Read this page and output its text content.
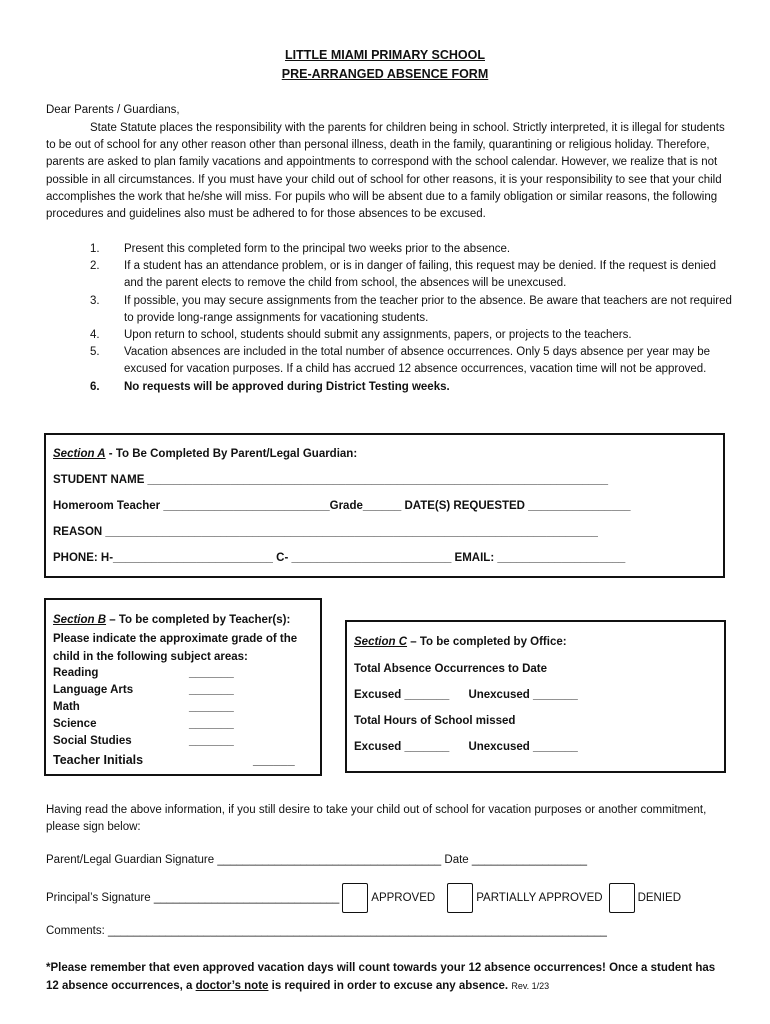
LITTLE MIAMI PRIMARY SCHOOL
PRE-ARRANGED ABSENCE FORM
Dear Parents / Guardians,
State Statute places the responsibility with the parents for children being in school. Strictly interpreted, it is illegal for students to be out of school for any other reason other than personal illness, death in the family, quarantining or religious holiday. Therefore, parents are asked to plan family vacations and appointments to correspond with the school calendar. However, we realize that is not possible in all circumstances. If you must have your child out of school for other reasons, it is your responsibility to see that your child accomplishes the work that he/she will miss. For pupils who will be absent due to a family obligation or similar reasons, the following procedures and guidelines also must be adhered to for those absences to be excused.
1. Present this completed form to the principal two weeks prior to the absence.
2. If a student has an attendance problem, or is in danger of failing, this request may be denied. If the request is denied and the parent elects to remove the child from school, the absences will be unexcused.
3. If possible, you may secure assignments from the teacher prior to the absence. Be aware that teachers are not required to provide long-range assignments for vacationing students.
4. Upon return to school, students should submit any assignments, papers, or projects to the teachers.
5. Vacation absences are included in the total number of absence occurrences. Only 5 days absence per year may be excused for vacation purposes. If a child has accrued 12 absence occurrences, vacation time will not be approved.
6. No requests will be approved during District Testing weeks.
Section A - To Be Completed By Parent/Legal Guardian:
STUDENT NAME ________________________________________________________________________
Homeroom Teacher __________________________Grade______ DATE(S) REQUESTED ________________
REASON _____________________________________________________________________________
PHONE: H-_________________________ C- _________________________ EMAIL: ____________________
Section B – To be completed by Teacher(s):
Please indicate the approximate grade of the child in the following subject areas:
Reading	_______
Language Arts	_______
Math	_______
Science	_______
Social Studies	_______
Teacher Initials	______
Section C – To be completed by Office:
Total Absence Occurrences to Date
Excused _______      Unexcused _______
Total Hours of School missed
Excused _______      Unexcused _______
Having read the above information, if you still desire to take your child out of school for vacation purposes or another commitment, please sign below:
Parent/Legal Guardian Signature ___________________________________ Date __________________
Principal’s Signature _____________________________	APPROVED	PARTIALLY APPROVED	DENIED
Comments: ______________________________________________________________________________
*Please remember that even approved vacation days will count towards your 12 absence occurrences! Once a student has 12 absence occurrences, a doctor’s note is required in order to excuse any absence. Rev. 1/23
